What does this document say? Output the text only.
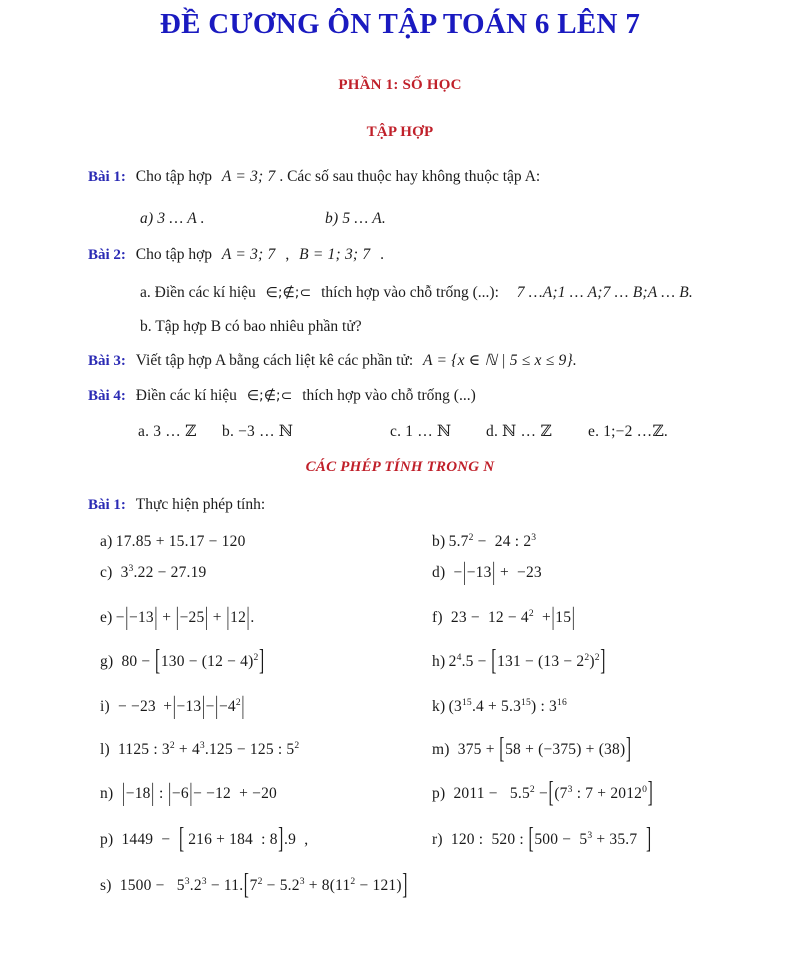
ĐỀ CƯƠNG ÔN TẬP TOÁN 6 LÊN 7
PHẦN 1: SỐ HỌC
TẬP HỢP
Bài 1: Cho tập hợp A = 3; 7 . Các số sau thuộc hay không thuộc tập A:
a) 3 … A .	b) 5 … A.
Bài 2: Cho tập hợp A = 3; 7 , B = 1; 3; 7 .
a. Điền các kí hiệu ∈;∉;⊂ thích hợp vào chỗ trống (...): 7 …A;1 … A;7 … B;A … B.
b. Tập hợp B có bao nhiêu phần tử?
Bài 3: Viết tập hợp A bằng cách liệt kê các phần tử: A = {x ∈ ℕ | 5 ≤ x ≤ 9}.
Bài 4: Điền các kí hiệu ∈;∉;⊂ thích hợp vào chỗ trống (...)
a. 3 … ℤ b. −3 … ℕ	c. 1 … ℕ d. ℕ … ℤ e. 1;−2 …ℤ.
CÁC PHÉP TÍNH TRONG N
Bài 1: Thực hiện phép tính:
a) 17.85 + 15.17 − 120
c)  $3^3.22 - 27.19$
e) −|−13| + |−25| + |12|.
g)  $80 - [130 - (12 - 4)^2]$
$i) - -23 +|-13|-|-4^2|$
l)  1125 : $3^2 + 4^3.125 - 125$ : $5^2$
n)  |−18| : |−6|− −12  + −20
p)  1449  −  [ 216 + 184  : 8].9  ,
s)  $1500 - 5^3.2^3 - 11.[7^2 - 5.2^3 + 8(11^2 - 121)]$
b) $5.7^2 - 24$ : $2^3$
d)  −|−13| +  −23
f)  $23 - 12 - 4^2 +|15|$
h) $2^4.5 - [131 - (13 - 2^2)^2]$
k) $(3^{15}.4 + 5.3^{15})$ : $3^{16}$
m)  375 + [58 + (−375) + (38)]
p)  $2011 - 5.5^2 -[(7^3$ : $7 + 2012^0$]
r)  120 :  520 : [$500 - 5^3 + 35.7$  ]
